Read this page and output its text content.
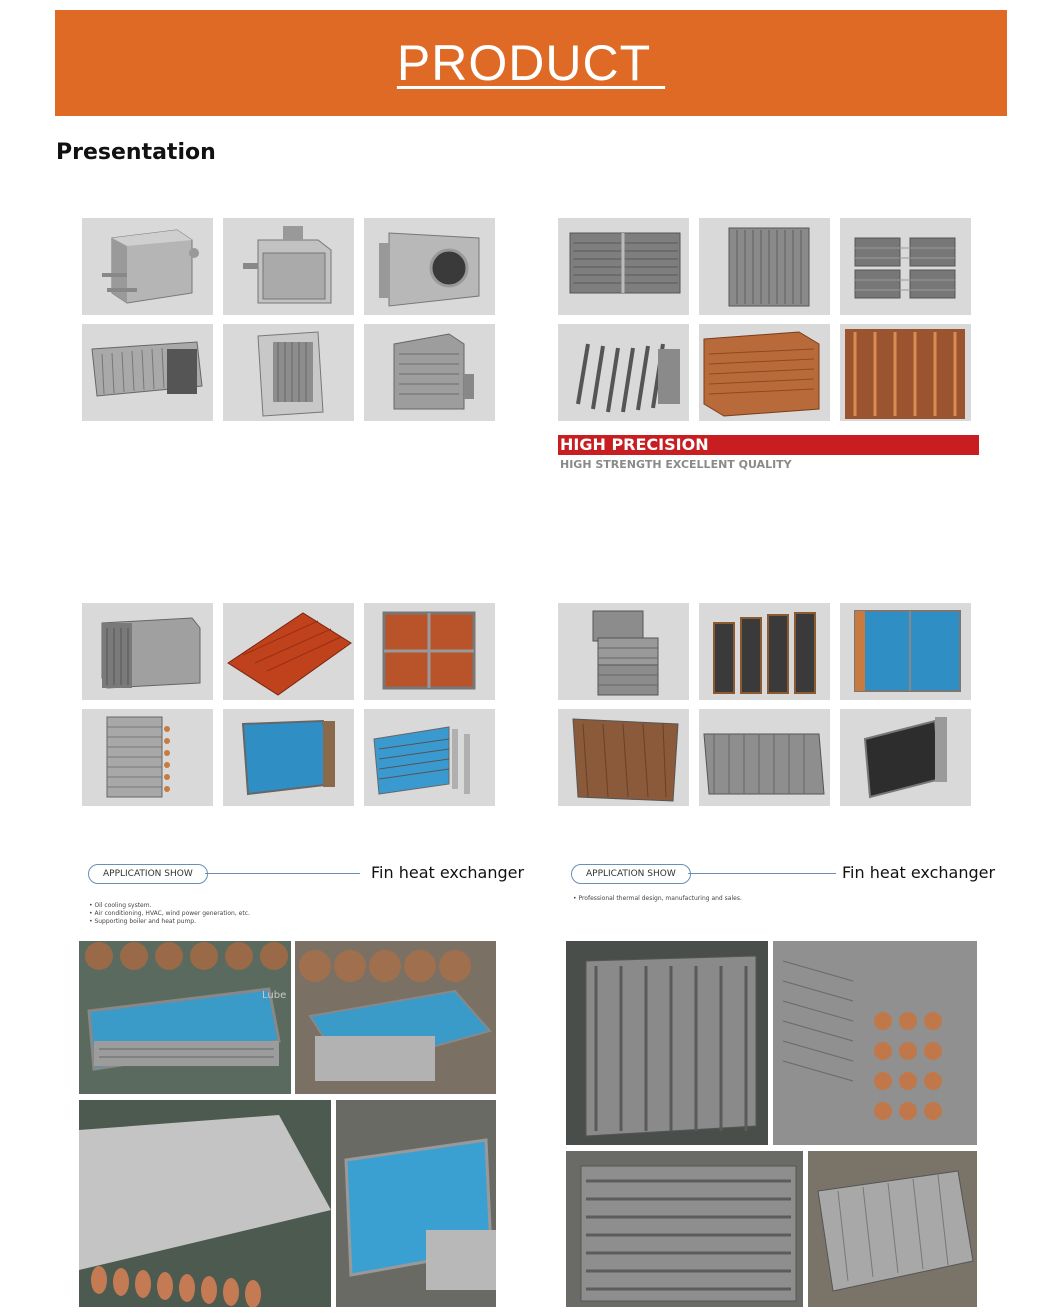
PRODUCT
Presentation
HIGH PRECISION
HIGH STRENGTH EXCELLENT QUALITY
APPLICATION SHOW	Fin heat exchanger
• Oil cooling system.
• Air conditioning, HVAC, wind power generation, etc.
• Supporting boiler and heat pump.
APPLICATION SHOW	Fin heat exchanger
• Professional thermal design, manufacturing and sales.
Lube
